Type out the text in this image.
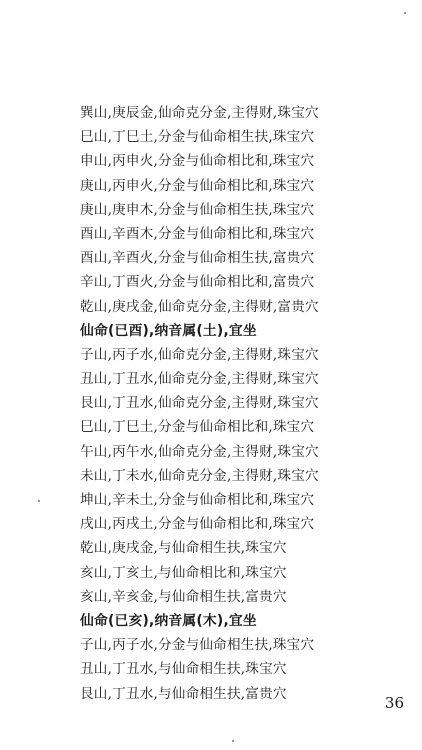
巽山,庚辰金,仙命克分金,主得财,珠宝穴
巳山,丁巳土,分金与仙命相生扶,珠宝穴
申山,丙申火,分金与仙命相比和,珠宝穴
庚山,丙申火,分金与仙命相比和,珠宝穴
庚山,庚申木,分金与仙命相生扶,珠宝穴
酉山,辛酉木,分金与仙命相比和,珠宝穴
酉山,辛酉火,分金与仙命相生扶,富贵穴
辛山,丁酉火,分金与仙命相比和,富贵穴
乾山,庚戌金,仙命克分金,主得财,富贵穴
仙命(已酉),纳音属(土),宜坐
子山,丙子水,仙命克分金,主得财,珠宝穴
丑山,丁丑水,仙命克分金,主得财,珠宝穴
艮山,丁丑水,仙命克分金,主得财,珠宝穴
巳山,丁巳土,分金与仙命相比和,珠宝穴
午山,丙午水,仙命克分金,主得财,珠宝穴
未山,丁未水,仙命克分金,主得财,珠宝穴
坤山,辛未土,分金与仙命相比和,珠宝穴
戌山,丙戌土,分金与仙命相比和,珠宝穴
乾山,庚戌金,与仙命相生扶,珠宝穴
亥山,丁亥土,与仙命相比和,珠宝穴
亥山,辛亥金,与仙命相生扶,富贵穴
仙命(已亥),纳音属(木),宜坐
子山,丙子水,分金与仙命相生扶,珠宝穴
丑山,丁丑水,与仙命相生扶,珠宝穴
艮山,丁丑水,与仙命相生扶,富贵穴
36
